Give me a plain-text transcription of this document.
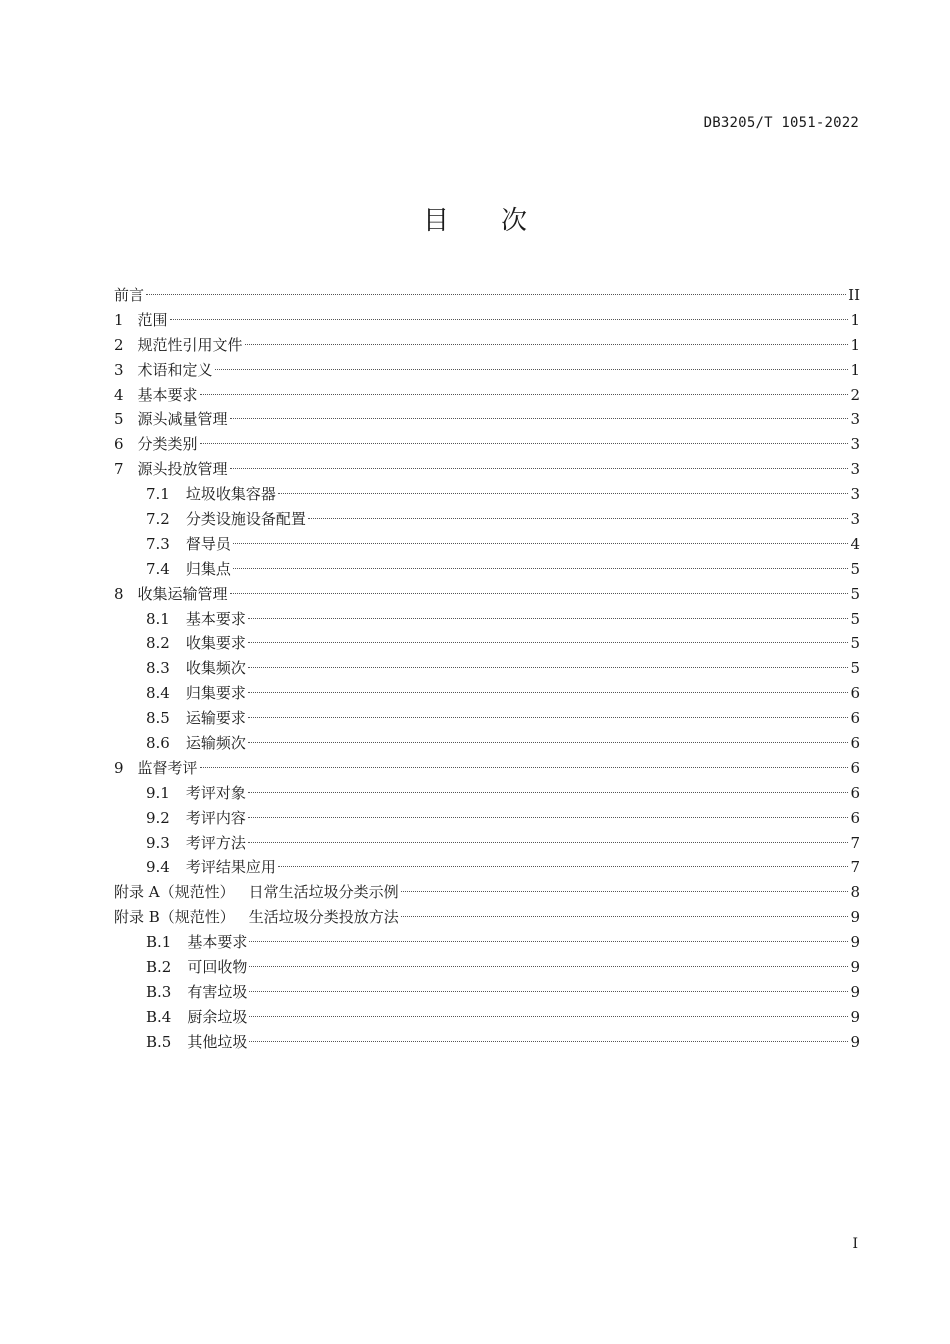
DB3205/T 1051-2022
目次
前言	II
1 范围	1
2 规范性引用文件	1
3 术语和定义	1
4 基本要求	2
5 源头减量管理	3
6 分类类别	3
7 源头投放管理	3
7.1 垃圾收集容器	3
7.2 分类设施设备配置	3
7.3 督导员	4
7.4 归集点	5
8 收集运输管理	5
8.1 基本要求	5
8.2 收集要求	5
8.3 收集频次	5
8.4 归集要求	6
8.5 运输要求	6
8.6 运输频次	6
9 监督考评	6
9.1 考评对象	6
9.2 考评内容	6
9.3 考评方法	7
9.4 考评结果应用	7
附录 A（规范性） 日常生活垃圾分类示例	8
附录 B（规范性） 生活垃圾分类投放方法	9
B.1 基本要求	9
B.2 可回收物	9
B.3 有害垃圾	9
B.4 厨余垃圾	9
B.5 其他垃圾	9
I
